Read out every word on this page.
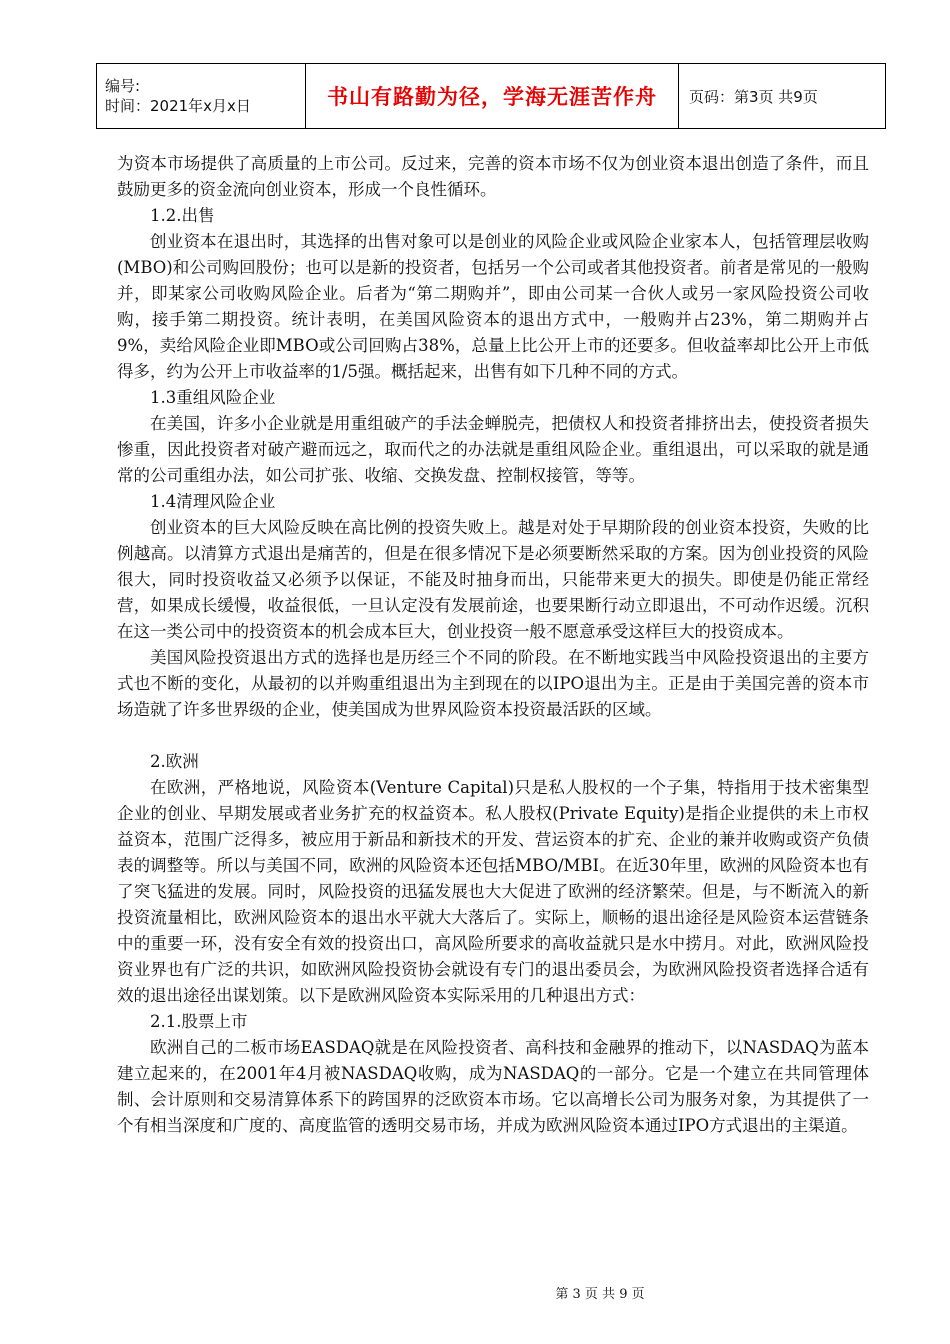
编号:
时间：2021年x月x日	书山有路勤为径，学海无涯苦作舟	页码：第3页 共9页

为资本市场提供了高质量的上市公司。反过来，完善的资本市场不仅为创业资本退出创造了条件，而且鼓励更多的资金流向创业资本，形成一个良性循环。

1.2.出售

创业资本在退出时，其选择的出售对象可以是创业的风险企业或风险企业家本人，包括管理层收购(MBO)和公司购回股份；也可以是新的投资者，包括另一个公司或者其他投资者。前者是常见的一般购并，即某家公司收购风险企业。后者为“第二期购并”，即由公司某一合伙人或另一家风险投资公司收购，接手第二期投资。统计表明，在美国风险资本的退出方式中，一般购并占23%，第二期购并占9%，卖给风险企业即MBO或公司回购占38%，总量上比公开上市的还要多。但收益率却比公开上市低得多，约为公开上市收益率的1/5强。概括起来，出售有如下几种不同的方式。

1.3重组风险企业

在美国，许多小企业就是用重组破产的手法金蝉脱壳，把债权人和投资者排挤出去，使投资者损失惨重，因此投资者对破产避而远之，取而代之的办法就是重组风险企业。重组退出，可以采取的就是通常的公司重组办法，如公司扩张、收缩、交换发盘、控制权接管，等等。

1.4清理风险企业

创业资本的巨大风险反映在高比例的投资失败上。越是对处于早期阶段的创业资本投资，失败的比例越高。以清算方式退出是痛苦的，但是在很多情况下是必须要断然采取的方案。因为创业投资的风险很大，同时投资收益又必须予以保证，不能及时抽身而出，只能带来更大的损失。即使是仍能正常经营，如果成长缓慢，收益很低，一旦认定没有发展前途，也要果断行动立即退出，不可动作迟缓。沉积在这一类公司中的投资资本的机会成本巨大，创业投资一般不愿意承受这样巨大的投资成本。

美国风险投资退出方式的选择也是历经三个不同的阶段。在不断地实践当中风险投资退出的主要方式也不断的变化，从最初的以并购重组退出为主到现在的以IPO退出为主。正是由于美国完善的资本市场造就了许多世界级的企业，使美国成为世界风险资本投资最活跃的区域。

2.欧洲

在欧洲，严格地说，风险资本(Venture Capital)只是私人股权的一个子集，特指用于技术密集型企业的创业、早期发展或者业务扩充的权益资本。私人股权(Private Equity)是指企业提供的未上市权益资本，范围广泛得多，被应用于新品和新技术的开发、营运资本的扩充、企业的兼并收购或资产负债表的调整等。所以与美国不同，欧洲的风险资本还包括MBO/MBI。在近30年里，欧洲的风险资本也有了突飞猛进的发展。同时，风险投资的迅猛发展也大大促进了欧洲的经济繁荣。但是，与不断流入的新投资流量相比，欧洲风险资本的退出水平就大大落后了。实际上，顺畅的退出途径是风险资本运营链条中的重要一环，没有安全有效的投资出口，高风险所要求的高收益就只是水中捞月。对此，欧洲风险投资业界也有广泛的共识，如欧洲风险投资协会就设有专门的退出委员会，为欧洲风险投资者选择合适有效的退出途径出谋划策。以下是欧洲风险资本实际采用的几种退出方式：

2.1.股票上市

欧洲自己的二板市场EASDAQ就是在风险投资者、高科技和金融界的推动下，以NASDAQ为蓝本建立起来的，在2001年4月被NASDAQ收购，成为NASDAQ的一部分。它是一个建立在共同管理体制、会计原则和交易清算体系下的跨国界的泛欧资本市场。它以高增长公司为服务对象，为其提供了一个有相当深度和广度的、高度监管的透明交易市场，并成为欧洲风险资本通过IPO方式退出的主渠道。

第 3 页 共 9 页
